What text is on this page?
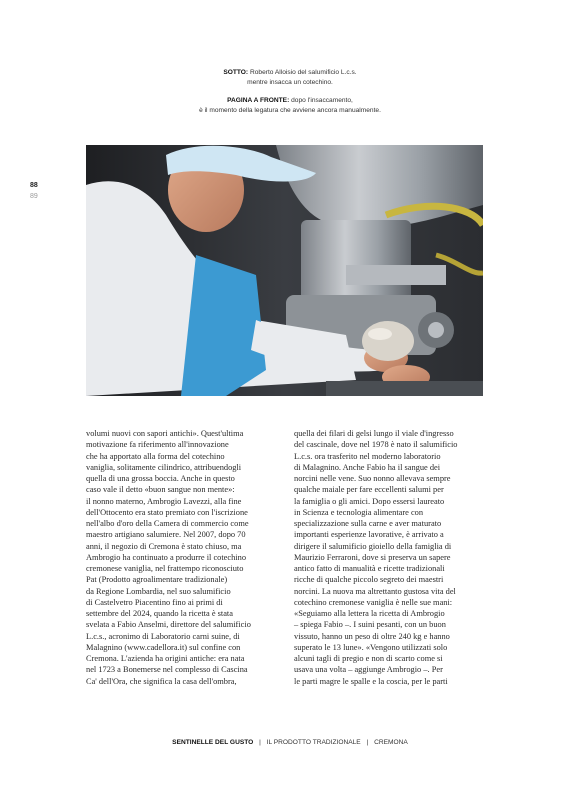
SOTTO: Roberto Alloisio del salumificio L.c.s.
mentre insacca un cotechino.

PAGINA A FRONTE: dopo l'insaccamento,
è il momento della legatura che avviene ancora manualmente.

88
89
volumi nuovi con sapori antichi». Quest'ultima
motivazione fa riferimento all'innovazione
che ha apportato alla forma del cotechino
vaniglia, solitamente cilindrico, attribuendogli
quella di una grossa boccia. Anche in questo
caso vale il detto «buon sangue non mente»:
il nonno materno, Ambrogio Lavezzi, alla fine
dell'Ottocento era stato premiato con l'iscrizione
nell'albo d'oro della Camera di commercio come
maestro artigiano salumiere. Nel 2007, dopo 70
anni, il negozio di Cremona è stato chiuso, ma
Ambrogio ha continuato a produrre il cotechino
cremonese vaniglia, nel frattempo riconosciuto
Pat (Prodotto agroalimentare tradizionale)
da Regione Lombardia, nel suo salumificio
di Castelvetro Piacentino fino ai primi di
settembre del 2024, quando la ricetta è stata
svelata a Fabio Anselmi, direttore del salumificio
L.c.s., acronimo di Laboratorio carni suine, di
Malagnino (www.cadellora.it) sul confine con
Cremona. L'azienda ha origini antiche: era nata
nel 1723 a Bonemerse nel complesso di Cascina
Ca' dell'Ora, che significa la casa dell'ombra,
quella dei filari di gelsi lungo il viale d'ingresso
del cascinale, dove nel 1978 è nato il salumificio
L.c.s. ora trasferito nel moderno laboratorio
di Malagnino. Anche Fabio ha il sangue dei
norcini nelle vene. Suo nonno allevava sempre
qualche maiale per fare eccellenti salumi per
la famiglia o gli amici. Dopo essersi laureato
in Scienza e tecnologia alimentare con
specializzazione sulla carne e aver maturato
importanti esperienze lavorative, è arrivato a
dirigere il salumificio gioiello della famiglia di
Maurizio Ferraroni, dove si preserva un sapere
antico fatto di manualità e ricette tradizionali
ricche di qualche piccolo segreto dei maestri
norcini. La nuova ma altrettanto gustosa vita del
cotechino cremonese vaniglia è nelle sue mani:
«Seguiamo alla lettera la ricetta di Ambrogio
– spiega Fabio –. I suini pesanti, con un buon
vissuto, hanno un peso di oltre 240 kg e hanno
superato le 13 lune». «Vengono utilizzati solo
alcuni tagli di pregio e non di scarto come si
usava una volta – aggiunge Ambrogio –. Per
le parti magre le spalle e la coscia, per le parti
SENTINELLE DEL GUSTO | IL PRODOTTO TRADIZIONALE | CREMONA
